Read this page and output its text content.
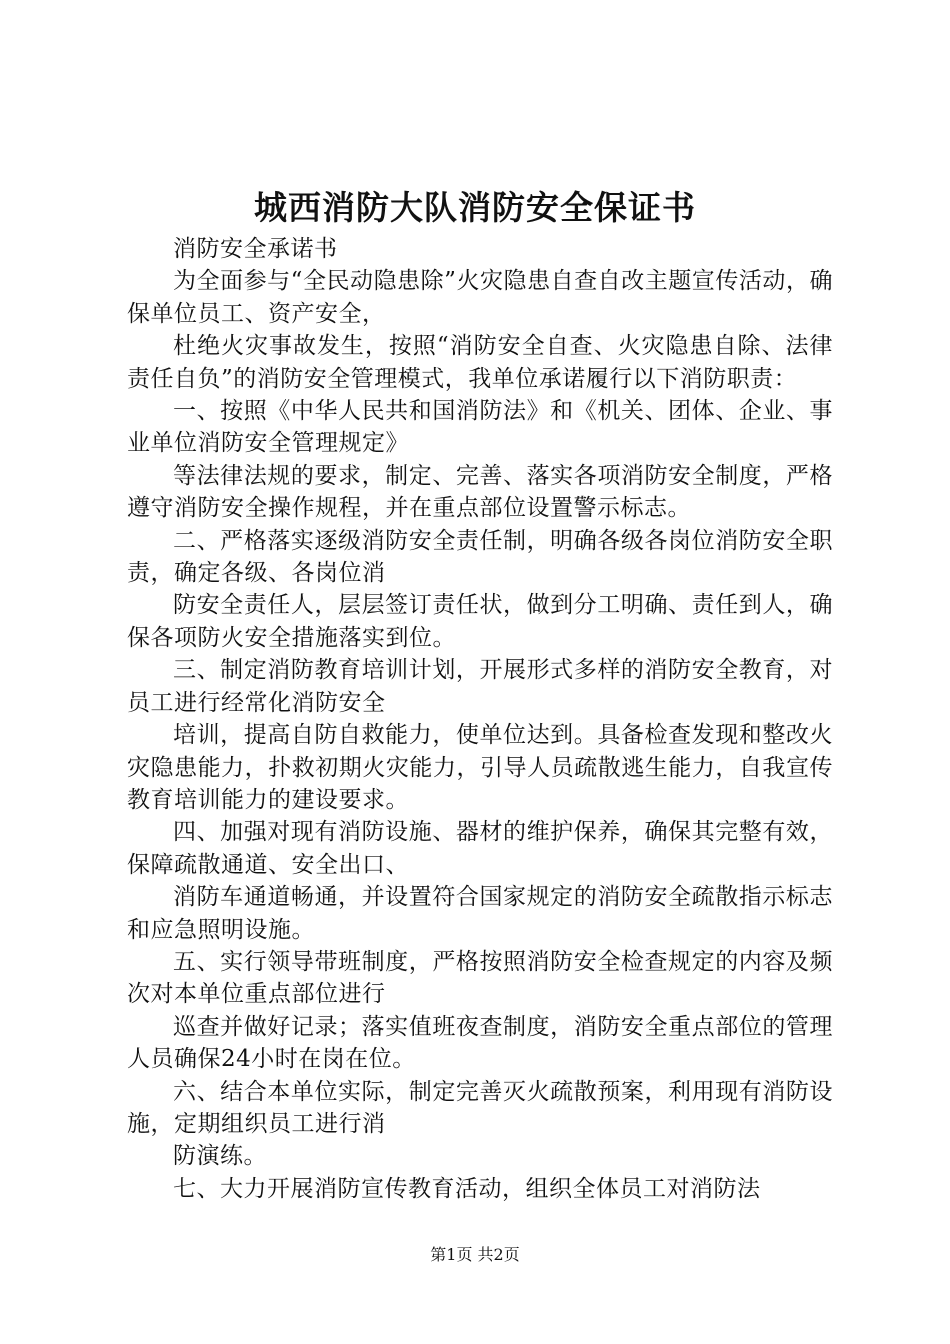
城西消防大队消防安全保证书

消防安全承诺书

为全面参与“全民动隐患除”火灾隐患自查自改主题宣传活动，确保单位员工、资产安全，

杜绝火灾事故发生，按照“消防安全自查、火灾隐患自除、法律责任自负”的消防安全管理模式，我单位承诺履行以下消防职责：

一、按照《中华人民共和国消防法》和《机关、团体、企业、事业单位消防安全管理规定》

等法律法规的要求，制定、完善、落实各项消防安全制度，严格遵守消防安全操作规程，并在重点部位设置警示标志。

二、严格落实逐级消防安全责任制，明确各级各岗位消防安全职责，确定各级、各岗位消

防安全责任人，层层签订责任状，做到分工明确、责任到人，确保各项防火安全措施落实到位。

三、制定消防教育培训计划，开展形式多样的消防安全教育，对员工进行经常化消防安全

培训，提高自防自救能力，使单位达到。具备检查发现和整改火灾隐患能力，扑救初期火灾能力，引导人员疏散逃生能力，自我宣传教育培训能力的建设要求。

四、加强对现有消防设施、器材的维护保养，确保其完整有效，保障疏散通道、安全出口、

消防车通道畅通，并设置符合国家规定的消防安全疏散指示标志和应急照明设施。

五、实行领导带班制度，严格按照消防安全检查规定的内容及频次对本单位重点部位进行

巡查并做好记录；落实值班夜查制度，消防安全重点部位的管理人员确保24小时在岗在位。

六、结合本单位实际，制定完善灭火疏散预案，利用现有消防设施，定期组织员工进行消

防演练。

七、大力开展消防宣传教育活动，组织全体员工对消防法

第1页 共2页
